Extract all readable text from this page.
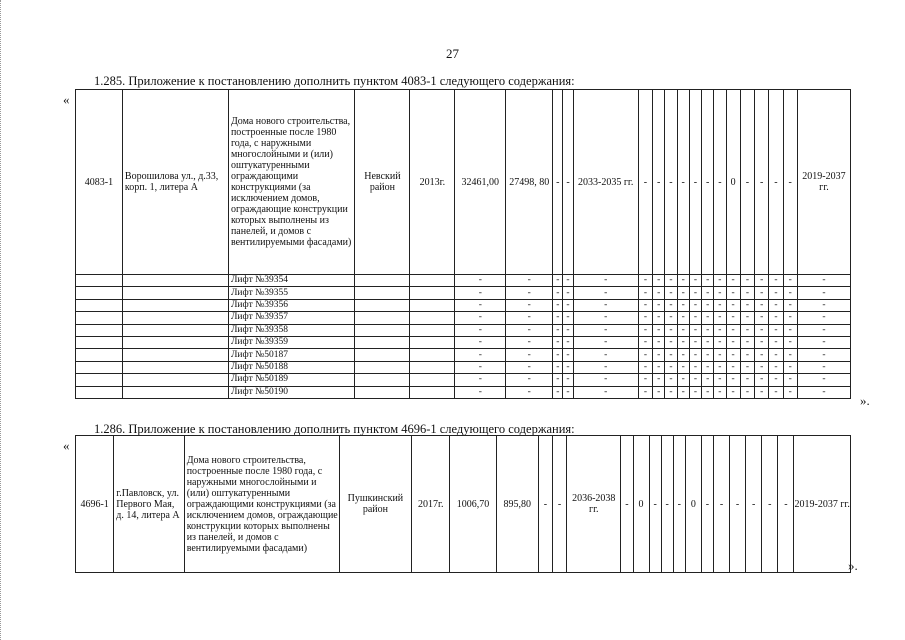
27
1.285. Приложение к постановлению дополнить пунктом 4083-1 следующего содержания:
«
4083-1	Ворошилова ул., д.33, корп. 1, литера А	Дома нового строительства, построенные после 1980 года, с наружными многослойными и (или) оштукатуренными ограждающими конструкциями (за исключением домов, ограждающие конструкции которых выполнены из панелей, и домов с вентилируемыми фасадами)	Невский район	2013г.	32461,00	27498, 80	-	-	2033-2035 гг.	-	-	-	-	-	-	-	0	-	-	-	-	2019-2037 гг.
		Лифт №39354			-	-	-	-	-	-	-	-	-	-	-	-	-	-	-	-	-	-
		Лифт №39355			-	-	-	-	-	-	-	-	-	-	-	-	-	-	-	-	-	-
		Лифт №39356			-	-	-	-	-	-	-	-	-	-	-	-	-	-	-	-	-	-
		Лифт №39357			-	-	-	-	-	-	-	-	-	-	-	-	-	-	-	-	-	-
		Лифт №39358			-	-	-	-	-	-	-	-	-	-	-	-	-	-	-	-	-	-
		Лифт №39359			-	-	-	-	-	-	-	-	-	-	-	-	-	-	-	-	-	-
		Лифт №50187			-	-	-	-	-	-	-	-	-	-	-	-	-	-	-	-	-	-
		Лифт №50188			-	-	-	-	-	-	-	-	-	-	-	-	-	-	-	-	-	-
		Лифт №50189			-	-	-	-	-	-	-	-	-	-	-	-	-	-	-	-	-	-
		Лифт №50190			-	-	-	-	-	-	-	-	-	-	-	-	-	-	-	-	-	-
».
1.286. Приложение к постановлению дополнить пунктом 4696-1 следующего содержания:
«
4696-1	г.Павловск, ул. Первого Мая, д. 14, литера А	Дома нового строительства, построенные после 1980 года, с наружными многослойными и (или) оштукатуренными ограждающими конструкциями (за исключением домов, ограждающие конструкции которых выполнены из панелей, и домов с вентилируемыми фасадами)	Пушкинский район	2017г.	1006,70	895,80	-	-	2036-2038 гг.	-	0	-	-	-	0	-	-	-	-	-	-	2019-2037 гг.
».
